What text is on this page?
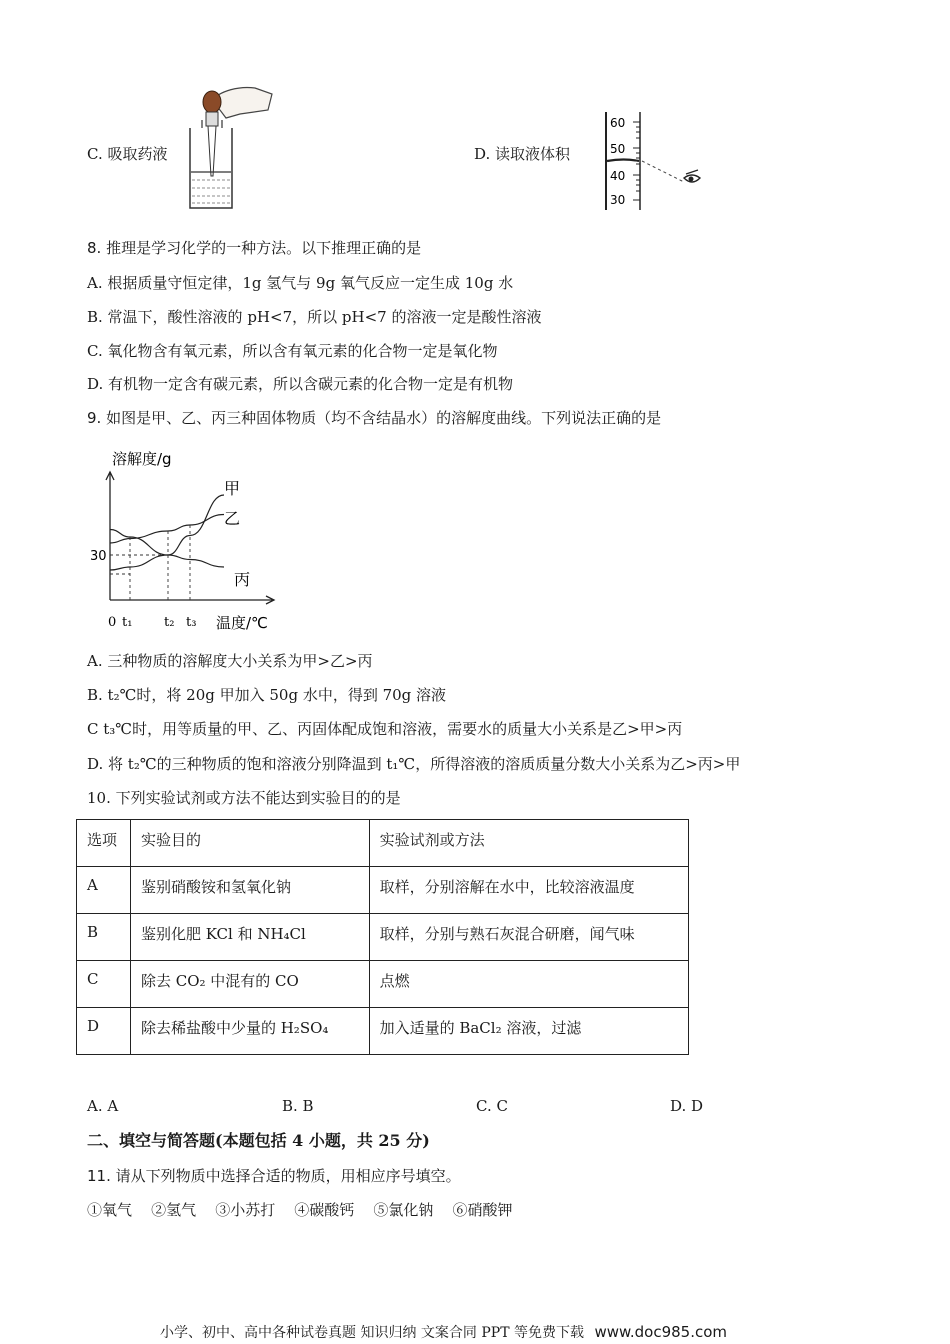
C. 吸取药液	D. 读取液体积
60
50
40
30
8. 推理是学习化学的一种方法。以下推理正确的是
A. 根据质量守恒定律，1g 氢气与 9g 氧气反应一定生成 10g 水
B. 常温下，酸性溶液的 pH<7，所以 pH<7 的溶液一定是酸性溶液
C. 氧化物含有氧元素，所以含有氧元素的化合物一定是氧化物
D. 有机物一定含有碳元素，所以含碳元素的化合物一定是有机物
9. 如图是甲、乙、丙三种固体物质（均不含结晶水）的溶解度曲线。下列说法正确的是
甲
乙
丙
30
0 t₁ t₂ t₃
溶解度/g
温度/℃
A. 三种物质的溶解度大小关系为甲>乙>丙
B. t₂℃时，将 20g 甲加入 50g 水中，得到 70g 溶液
C t₃℃时，用等质量的甲、乙、丙固体配成饱和溶液，需要水的质量大小关系是乙>甲>丙
D. 将 t₂℃的三种物质的饱和溶液分别降温到 t₁℃，所得溶液的溶质质量分数大小关系为乙>丙>甲
10. 下列实验试剂或方法不能达到实验目的的是
选项	实验目的	实验试剂或方法
A	鉴别硝酸铵和氢氧化钠	取样，分别溶解在水中，比较溶液温度
B	鉴别化肥 KCl 和 NH₄Cl	取样，分别与熟石灰混合研磨，闻气味
C	除去 CO₂ 中混有的 CO	点燃
D	除去稀盐酸中少量的 H₂SO₄	加入适量的 BaCl₂ 溶液，过滤
A. A	B. B	C. C	D. D
二、填空与简答题(本题包括 4 小题，共 25 分)
11. 请从下列物质中选择合适的物质，用相应序号填空。
①氧气 ②氢气 ③小苏打 ④碳酸钙 ⑤氯化钠 ⑥硝酸钾
小学、初中、高中各种试卷真题 知识归纳 文案合同 PPT 等免费下载 www.doc985.com
